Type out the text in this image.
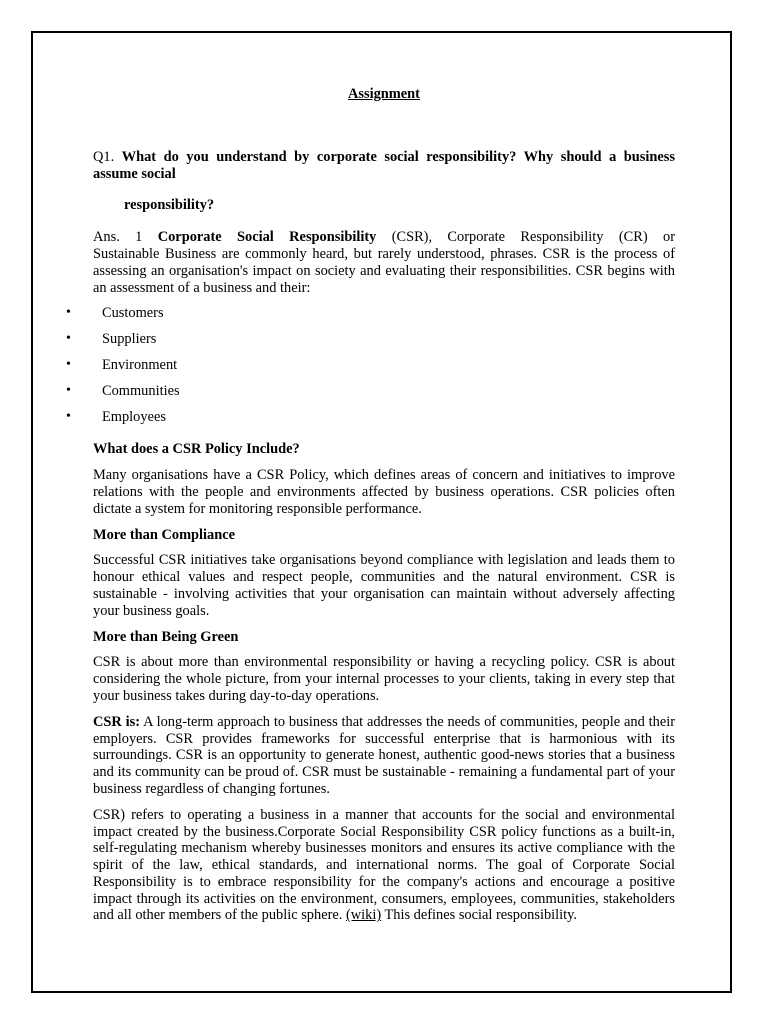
Assignment

Q1. What do you understand by corporate social responsibility? Why should a business assume social

responsibility?

Ans. 1 Corporate Social Responsibility (CSR), Corporate Responsibility (CR) or

Sustainable Business are commonly heard, but rarely understood, phrases. CSR is the process of assessing an organisation's impact on society and evaluating their responsibilities. CSR begins with an assessment of a business and their:

• Customers
• Suppliers
• Environment
• Communities
• Employees
What does a CSR Policy Include?

Many organisations have a CSR Policy, which defines areas of concern and initiatives to improve relations with the people and environments affected by business operations. CSR policies often dictate a system for monitoring responsible performance.

More than Compliance

Successful CSR initiatives take organisations beyond compliance with legislation and leads them to honour ethical values and respect people, communities and the natural environment. CSR is sustainable - involving activities that your organisation can maintain without adversely affecting your business goals.

More than Being Green

CSR is about more than environmental responsibility or having a recycling policy. CSR is about considering the whole picture, from your internal processes to your clients, taking in every step that your business takes during day-to-day operations.

CSR is: A long-term approach to business that addresses the needs of communities, people and their employers. CSR provides frameworks for successful enterprise that is harmonious with its surroundings. CSR is an opportunity to generate honest, authentic good-news stories that a business and its community can be proud of. CSR must be sustainable - remaining a fundamental part of your business regardless of changing fortunes.

CSR) refers to operating a business in a manner that accounts for the social and environmental impact created by the business.Corporate Social Responsibility CSR policy functions as a built-in, self-regulating mechanism whereby businesses monitors and ensures its active compliance with the spirit of the law, ethical standards, and international norms. The goal of Corporate Social Responsibility is to embrace responsibility for the company's actions and encourage a positive impact through its activities on the environment, consumers, employees, communities, stakeholders and all other members of the public sphere. (wiki) This defines social responsibility.
